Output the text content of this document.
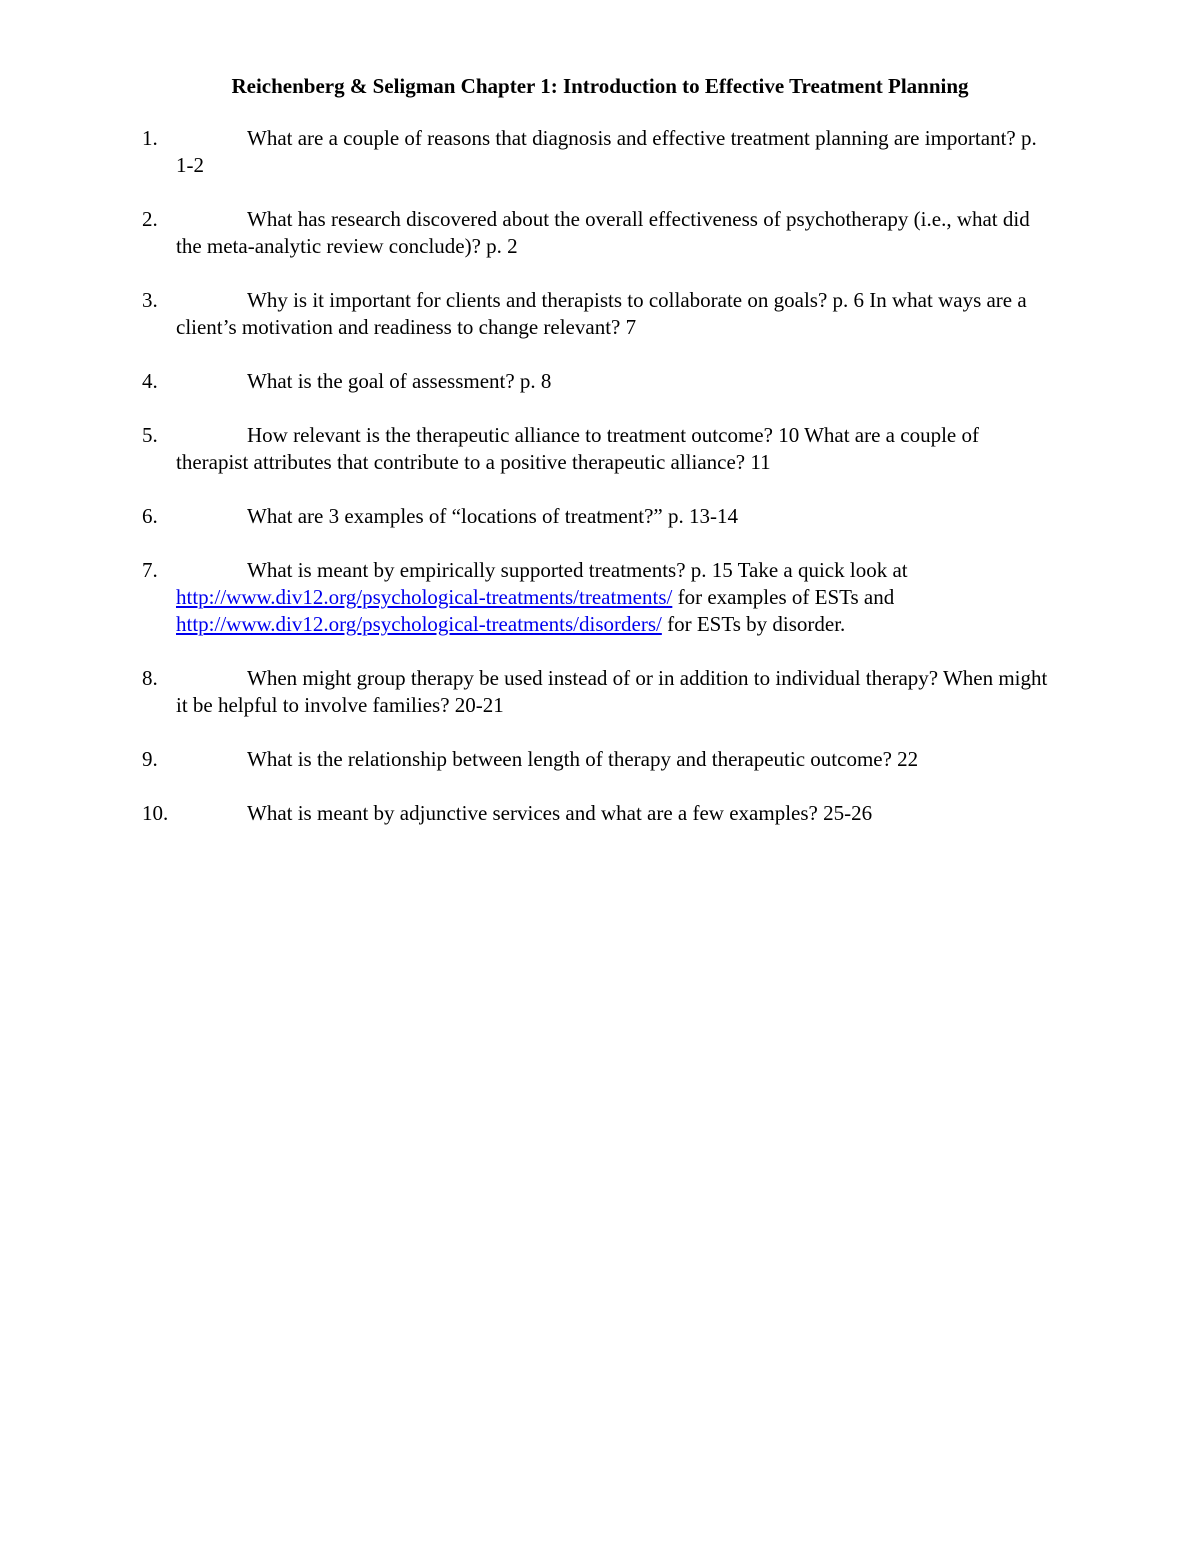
Reichenberg & Seligman Chapter 1: Introduction to Effective Treatment Planning
1.	What are a couple of reasons that diagnosis and effective treatment planning are important? p. 1-2
2.	What has research discovered about the overall effectiveness of psychotherapy (i.e., what did the meta-analytic review conclude)? p. 2
3.	Why is it important for clients and therapists to collaborate on goals? p. 6 In what ways are a client’s motivation and readiness to change relevant? 7
4.	What is the goal of assessment? p. 8
5.	How relevant is the therapeutic alliance to treatment outcome? 10 What are a couple of therapist attributes that contribute to a positive therapeutic alliance? 11
6.	What are 3 examples of “locations of treatment?” p. 13-14
7.	What is meant by empirically supported treatments? p. 15 Take a quick look at
http://www.div12.org/psychological-treatments/treatments/ for examples of ESTs and
http://www.div12.org/psychological-treatments/disorders/ for ESTs by disorder.
8.	When might group therapy be used instead of or in addition to individual therapy? When might it be helpful to involve families? 20-21
9.	What is the relationship between length of therapy and therapeutic outcome? 22
10.	What is meant by adjunctive services and what are a few examples? 25-26
